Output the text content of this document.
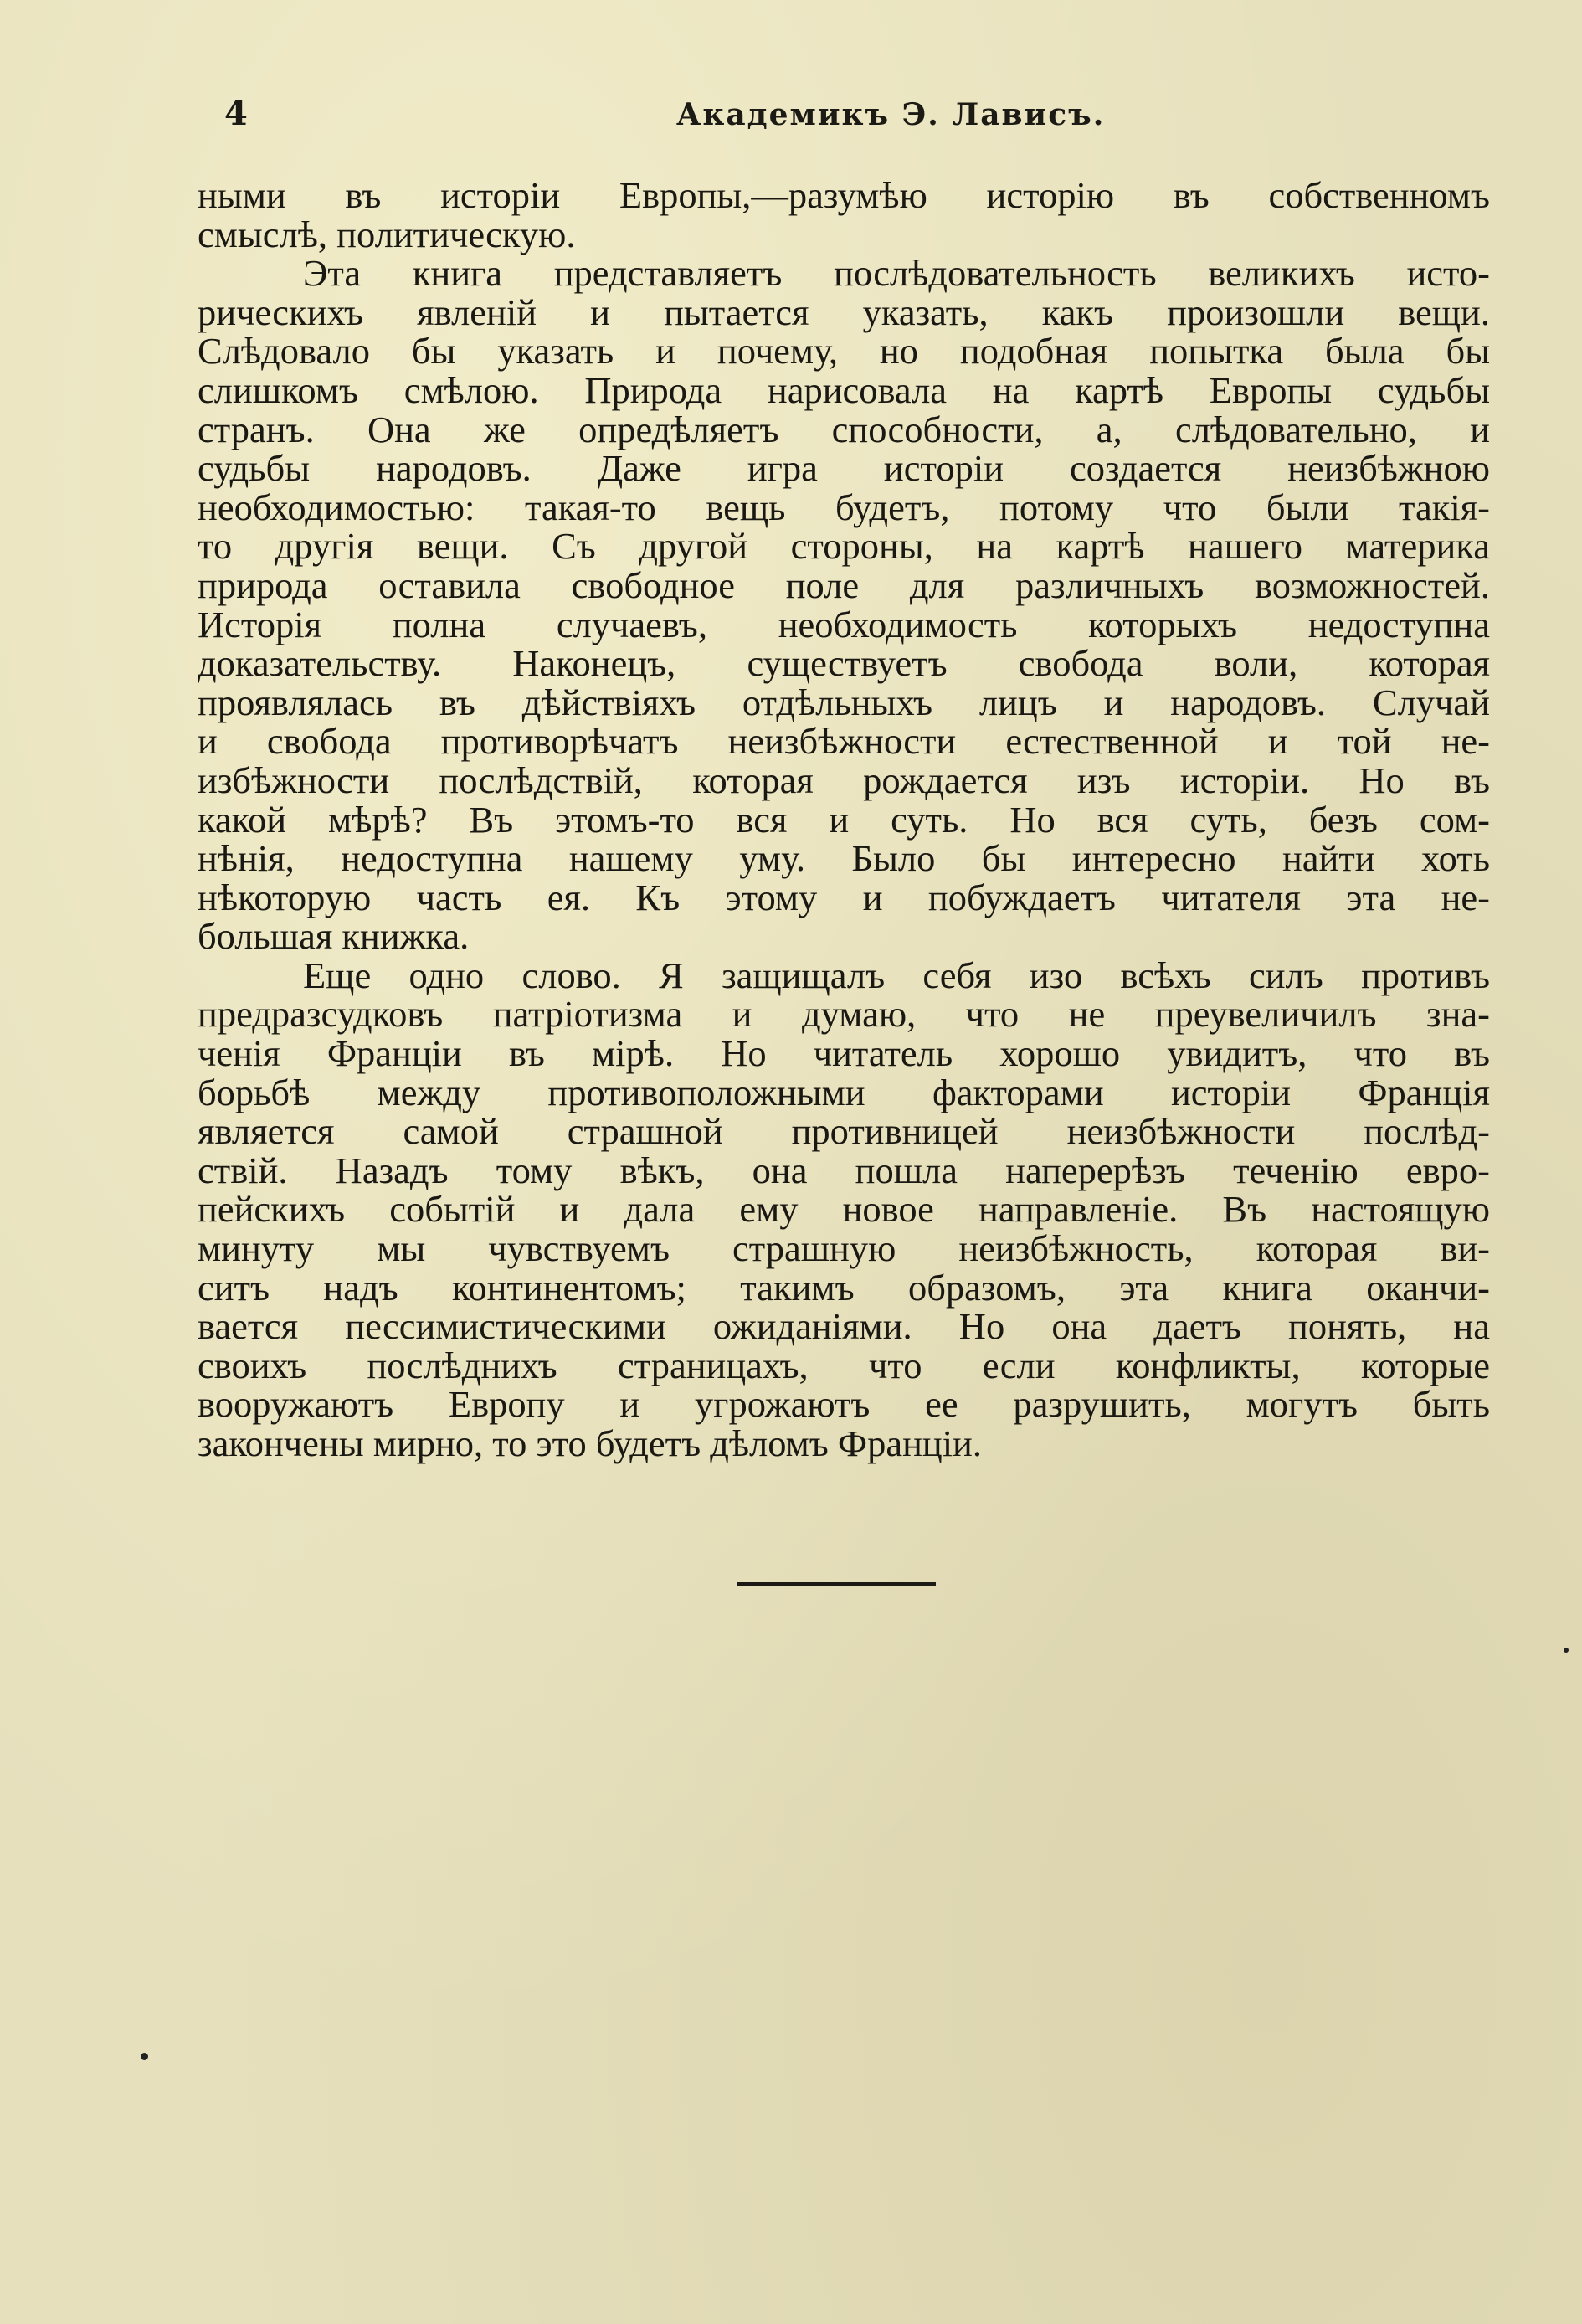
4	Академикъ Э. Лависъ.
ными въ исторіи Европы,—разумѣю исторію въ собственномъ
смыслѣ, политическую.
Эта книга представляетъ послѣдовательность великихъ исто-
рическихъ явленій и пытается указать, какъ произошли вещи.
Слѣдовало бы указать и почему, но подобная попытка была бы
слишкомъ смѣлою. Природа нарисовала на картѣ Европы судьбы
странъ. Она же опредѣляетъ способности, а, слѣдовательно, и
судьбы народовъ. Даже игра исторіи создается неизбѣжною
необходимостью: такая-то вещь будетъ, потому что были такія-
то другія вещи. Съ другой стороны, на картѣ нашего материка
природа оставила свободное поле для различныхъ возможностей.
Исторія полна случаевъ, необходимость которыхъ недоступна
доказательству. Наконецъ, существуетъ свобода воли, которая
проявлялась въ дѣйствіяхъ отдѣльныхъ лицъ и народовъ. Случай
и свобода противорѣчатъ неизбѣжности естественной и той не-
избѣжности послѣдствій, которая рождается изъ исторіи. Но въ
какой мѣрѣ? Въ этомъ-то вся и суть. Но вся суть, безъ сом-
нѣнія, недоступна нашему уму. Было бы интересно найти хоть
нѣкоторую часть ея. Къ этому и побуждаетъ читателя эта не-
большая книжка.
Еще одно слово. Я защищалъ себя изо всѣхъ силъ противъ
предразсудковъ патріотизма и думаю, что не преувеличилъ зна-
ченія Франціи въ мірѣ. Но читатель хорошо увидитъ, что въ
борьбѣ между противоположными факторами исторіи Франція
является самой страшной противницей неизбѣжности послѣд-
ствій. Назадъ тому вѣкъ, она пошла наперерѣзъ теченію евро-
пейскихъ событій и дала ему новое направленіе. Въ настоящую
минуту мы чувствуемъ страшную неизбѣжность, которая ви-
ситъ надъ континентомъ; такимъ образомъ, эта книга оканчи-
вается пессимистическими ожиданіями. Но она даетъ понять, на
своихъ послѣднихъ страницахъ, что если конфликты, которые
вооружаютъ Европу и угрожаютъ ее разрушить, могутъ быть
закончены мирно, то это будетъ дѣломъ Франціи.
